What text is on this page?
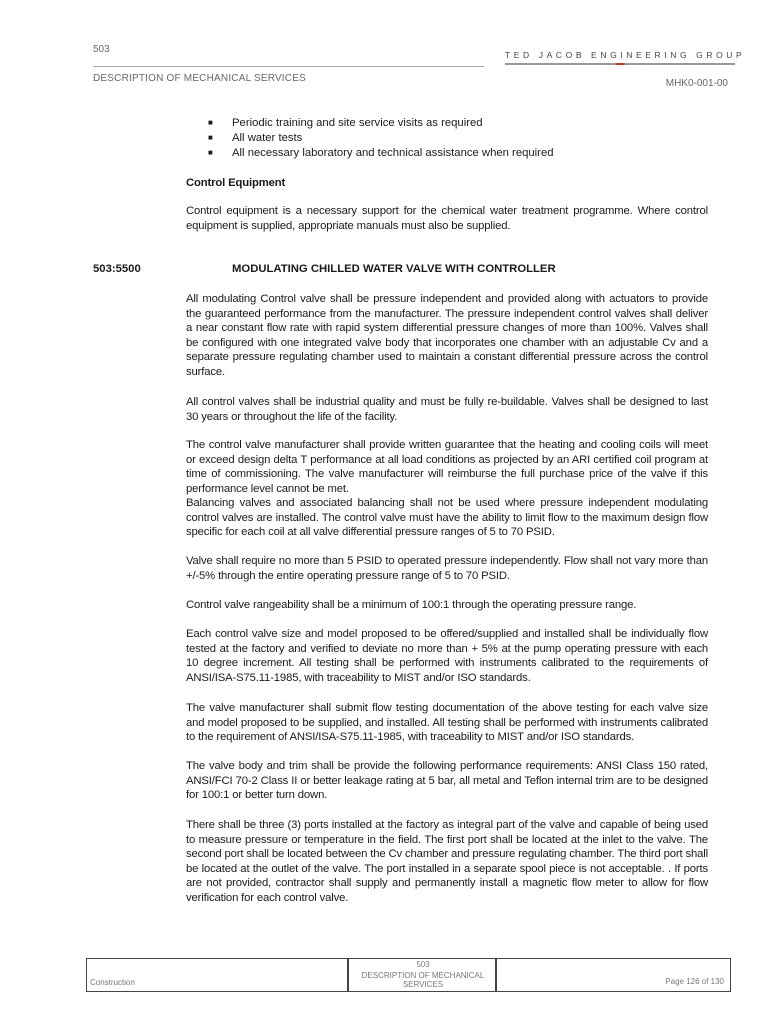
503
DESCRIPTION OF MECHANICAL SERVICES
TED JACOB ENGINEERING GROUP
MHK0-001-00
■ Periodic training and site service visits as required
■ All water tests
■ All necessary laboratory and technical assistance when required
Control Equipment
Control equipment is a necessary support for the chemical water treatment programme. Where control equipment is supplied, appropriate manuals must also be supplied.
503:5500	MODULATING CHILLED WATER VALVE WITH CONTROLLER
All modulating Control valve shall be pressure independent and provided along with actuators to provide the guaranteed performance from the manufacturer. The pressure independent control valves shall deliver a near constant flow rate with rapid system differential pressure changes of more than 100%. Valves shall be configured with one integrated valve body that incorporates one chamber with an adjustable Cv and a separate pressure regulating chamber used to maintain a constant differential pressure across the control surface.
All control valves shall be industrial quality and must be fully re-buildable. Valves shall be designed to last 30 years or throughout the life of the facility.
The control valve manufacturer shall provide written guarantee that the heating and cooling coils will meet or exceed design delta T performance at all load conditions as projected by an ARI certified coil program at time of commissioning. The valve manufacturer will reimburse the full purchase price of the valve if this performance level cannot be met.
Balancing valves and associated balancing shall not be used where pressure independent modulating control valves are installed. The control valve must have the ability to limit flow to the maximum design flow specific for each coil at all valve differential pressure ranges of 5 to 70 PSID.
Valve shall require no more than 5 PSID to operated pressure independently. Flow shall not vary more than +/-5% through the entire operating pressure range of 5 to 70 PSID.
Control valve rangeability shall be a minimum of 100:1 through the operating pressure range.
Each control valve size and model proposed to be offered/supplied and installed shall be individually flow tested at the factory and verified to deviate no more than + 5% at the pump operating pressure with each 10 degree increment. All testing shall be performed with instruments calibrated to the requirements of ANSI/ISA-S75.11-1985, with traceability to MIST and/or ISO standards.
The valve manufacturer shall submit flow testing documentation of the above testing for each valve size and model proposed to be supplied, and installed. All testing shall be performed with instruments calibrated to the requirement of ANSI/ISA-S75.11-1985, with traceability to MIST and/or ISO standards.
The valve body and trim shall be provide the following performance requirements: ANSI Class 150 rated, ANSI/FCI 70-2 Class II or better leakage rating at 5 bar, all metal and Teflon internal trim are to be designed for 100:1 or better turn down.
There shall be three (3) ports installed at the factory as integral part of the valve and capable of being used to measure pressure or temperature in the field. The first port shall be located at the inlet to the valve. The second port shall be located between the Cv chamber and pressure regulating chamber. The third port shall be located at the outlet of the valve. The port installed in a separate spool piece is not acceptable. . If ports are not provided, contractor shall supply and permanently install a magnetic flow meter to allow for flow verification for each control valve.
Construction
503
DESCRIPTION OF MECHANICAL SERVICES	Page 126 of 130
